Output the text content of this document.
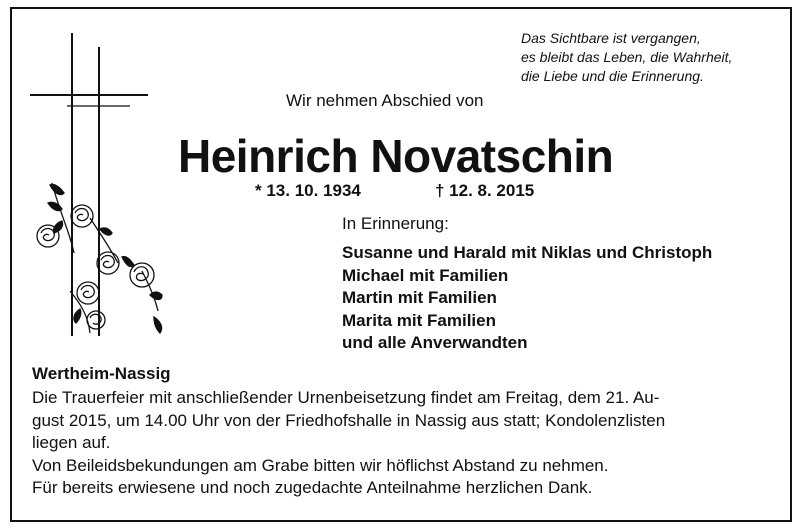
Das Sichtbare ist vergangen,
es bleibt das Leben, die Wahrheit,
die Liebe und die Erinnerung.
Wir nehmen Abschied von
Heinrich Novatschin
* 13. 10. 1934	† 12. 8. 2015
In Erinnerung:
Susanne und Harald mit Niklas und Christoph
Michael mit Familien
Martin mit Familien
Marita mit Familien
und alle Anverwandten
Wertheim-Nassig

Die Trauerfeier mit anschließender Urnenbeisetzung findet am Freitag, dem 21. Au-

gust 2015, um 14.00 Uhr von der Friedhofshalle in Nassig aus statt; Kondolenzlisten

liegen auf.

Von Beileidsbekundungen am Grabe bitten wir höflichst Abstand zu nehmen.

Für bereits erwiesene und noch zugedachte Anteilnahme herzlichen Dank.
